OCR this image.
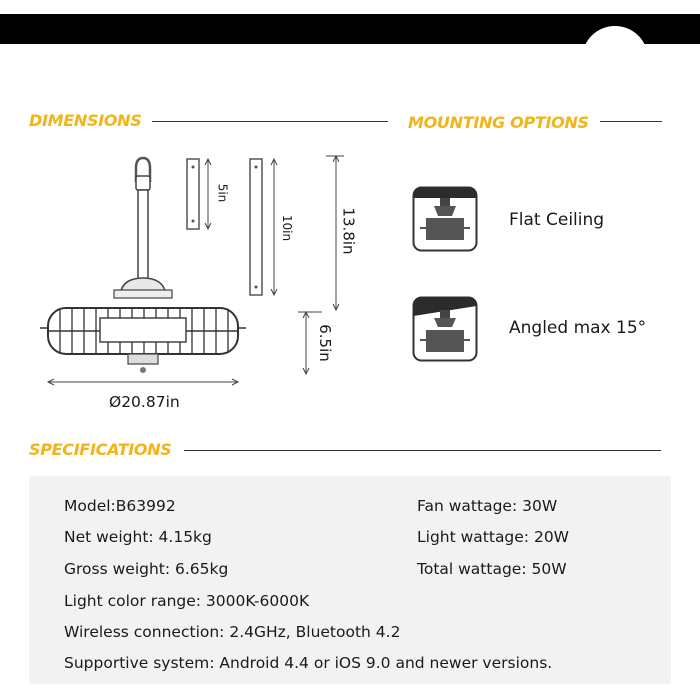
DIMENSIONS	MOUNTING OPTIONS
Ø20.87in
5in
10in	13.8in
6.5in
Flat Ceiling
Angled max 15°
SPECIFICATIONS
Model:B63992
Net weight: 4.15kg
Gross weight: 6.65kg
Light color range: 3000K-6000K
Wireless connection: 2.4GHz, Bluetooth 4.2
Supportive system: Android 4.4 or iOS 9.0 and newer versions.
Fan wattage: 30W
Light wattage: 20W
Total wattage: 50W
